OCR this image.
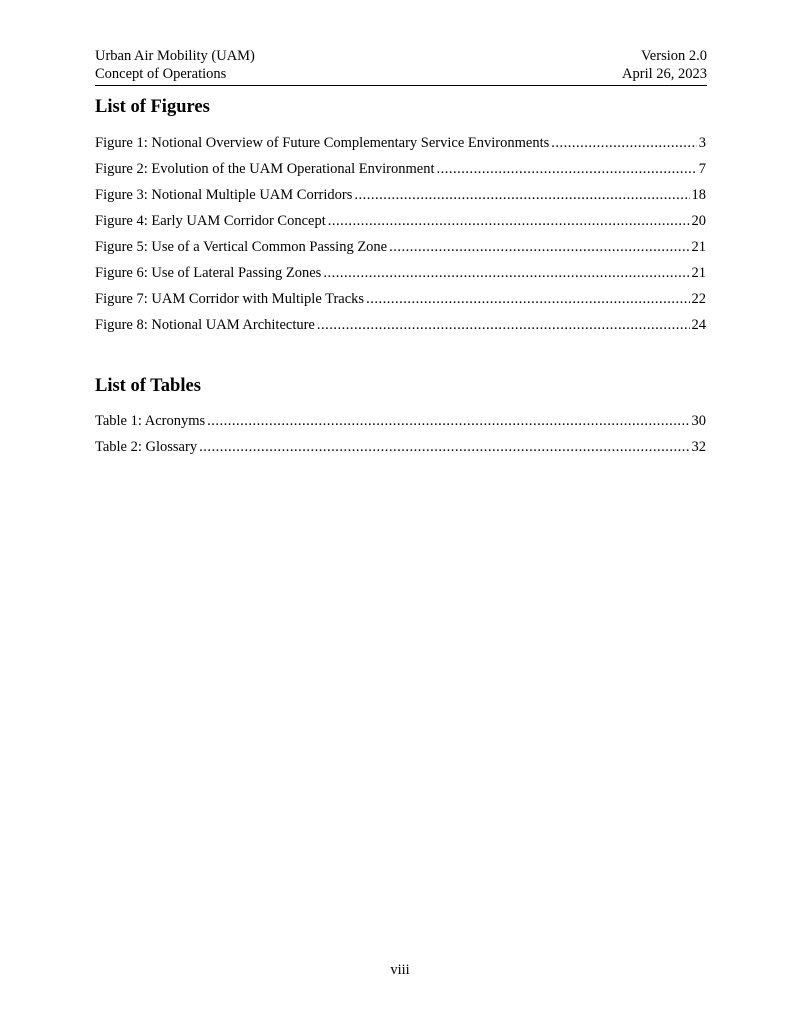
Urban Air Mobility (UAM)
Concept of Operations
Version 2.0
April 26, 2023
List of Figures
Figure 1: Notional Overview of Future Complementary Service Environments .....	3
Figure 2: Evolution of the UAM Operational Environment .....	7
Figure 3: Notional Multiple UAM Corridors .....	18
Figure 4: Early UAM Corridor Concept .....	20
Figure 5: Use of a Vertical Common Passing Zone .....	21
Figure 6: Use of Lateral Passing Zones .....	21
Figure 7: UAM Corridor with Multiple Tracks .....	22
Figure 8: Notional UAM Architecture .....	24
List of Tables
Table 1: Acronyms .....	30
Table 2: Glossary .....	32
viii
